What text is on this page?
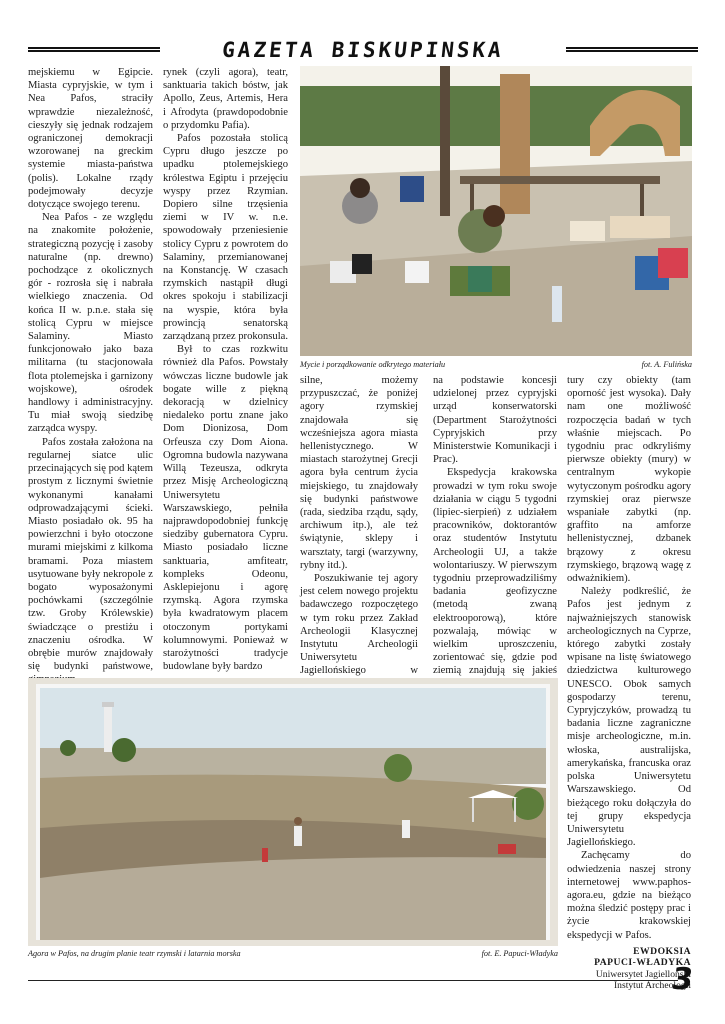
GAZETA BISKUPINSKA

mejskiemu w Egipcie. Miasta cypryjskie, w tym i Nea Pafos, straciły wprawdzie niezależność, cieszyły się jednak rodzajem ograniczonej demokracji wzorowanej na greckim systemie miasta-państwa (polis). Lokalne rządy podejmowały decyzje dotyczące swojego terenu.

Nea Pafos - ze względu na znakomite położenie, strategiczną pozycję i zasoby naturalne (np. drewno) pochodzące z okolicznych gór - rozrosła się i nabrała wielkiego znaczenia. Od końca II w. p.n.e. stała się stolicą Cypru w miejsce Salaminy. Miasto funkcjonowało jako baza militarna (tu stacjonowała flota ptolemejska i garnizony wojskowe), ośrodek handlowy i administracyjny. Tu miał swoją siedzibę zarządca wyspy.

Pafos została założona na regularnej siatce ulic przecinających się pod kątem prostym z licznymi świetnie wykonanymi kanałami odprowadzającymi ścieki. Miasto posiadało ok. 95 ha powierzchni i było otoczone murami miejskimi z kilkoma bramami. Poza miastem usytuowane były nekropole z bogato wyposażonymi pochówkami (szczególnie tzw. Groby Królewskie) świadczące o prestiżu i znaczeniu ośrodka. W obrębie murów znajdowały się budynki państwowe,

rynek (czyli agora), teatr, sanktuaria takich bóstw, jak Apollo, Zeus, Artemis, Hera i Afrodyta (prawdopodobnie o przydomku Pafia).

Pafos pozostała stolicą Cypru długo jeszcze po upadku ptolemejskiego królestwa Egiptu i przejęciu wyspy przez Rzymian. Dopiero silne trzęsienia ziemi w IV w. n.e. spowodowały przeniesienie stolicy Cypru z powrotem do Salaminy, przemianowanej na Konstancję. W czasach rzymskich nastąpił długi okres spokoju i stabilizacji na wyspie, która była prowincją senatorską zarządzaną przez prokonsula.

Był to czas rozkwitu również dla Pafos. Powstały wówczas liczne budowle jak bogate wille z piękną dekoracją w dzielnicy niedaleko portu znane jako Dom Dionizosa, Dom Orfeusza czy Dom Aiona. Ogromna budowla nazywana Willą Tezeusza, odkryta przez Misję Archeologiczną Uniwersytetu Warszawskiego, pełniła najprawdopodobniej funkcję siedziby gubernatora Cypru. Miasto posiadało liczne sanktuaria, amfiteatr, kompleks Odeonu, Asklepiejonu i agorę rzymską. Agora rzymska była kwadratowym placem otoczonym portykami kolumnowymi. Ponieważ w starożytności tradycje budowlane były bardzo

Mycie i porządkowanie odkrytego materiału	fot. A. Fulińska

silne, możemy przypuszczać, że poniżej agory rzymskiej znajdowała się wcześniejsza agora miasta hellenistycznego. W miastach starożytnej Grecji agora była centrum życia miejskiego, tu znajdowały się budynki państwowe (rada, siedziba rządu, sądy, archiwum itp.), ale też świątynie, sklepy i warsztaty, targi (warzywny, rybny itd.).

Poszukiwanie tej agory jest celem nowego projektu badawczego rozpoczętego w tym roku przez Zakład Archeologii Klasycznej Instytutu Archeologii Uniwersytetu Jagiellońskiego w

na podstawie koncesji udzielonej przez cypryjski urząd konserwatorski (Department Starożytności Cypryjskich przy Ministerstwie Komunikacji i Prac).

Ekspedycja krakowska prowadzi w tym roku swoje działania w ciągu 5 tygodni (lipiec-sierpień) z udziałem pracowników, doktorantów oraz studentów Instytutu Archeologii UJ, a także wolontariuszy. W pierwszym tygodniu przeprowadziliśmy badania geofizyczne (metodą zwaną elektrooporową), które pozwalają, mówiąc w wielkim uproszczeniu, zorientować się, gdzie pod ziemią znajdują się jakieś

tury czy obiekty (tam oporność jest wysoka). Dały nam one możliwość rozpoczęcia badań w tych właśnie miejscach. Po tygodniu prac odkryliśmy pierwsze obiekty (mury) w centralnym wykopie wytyczonym pośrodku agory rzymskiej oraz pierwsze wspaniałe zabytki (np. graffito na amforze hellenistycznej, dzbanek brązowy z okresu rzymskiego, brązową wagę z odważnikiem).

Należy podkreślić, że Pafos jest jednym z najważniejszych stanowisk archeologicznych na Cyprze, którego zabytki zostały wpisane na listę światowego dziedzictwa kulturowego UNESCO. Obok samych gospodarzy terenu, Cypryjczyków, prowadzą tu badania liczne zagraniczne misje archeologiczne, m.in. włoska, australijska, amerykańska, francuska oraz polska Uniwersytetu Warszawskiego. Od bieżącego roku dołączyła do tej grupy ekspedycja Uniwersytetu Jagiellońskiego.

Zachęcamy do odwiedzenia naszej strony internetowej www.paphos-agora.eu, gdzie na bieżąco można śledzić postępy prac i życie krakowskiej ekspedycji w Pafos.

EWDOKSIA
PAPUCI-WŁADYKA
Uniwersytet Jagielloński
Instytut Archeologii
Agora w Pafos, na drugim planie teatr rzymski i latarnia morska	fot. E. Papuci-Władyka
3
